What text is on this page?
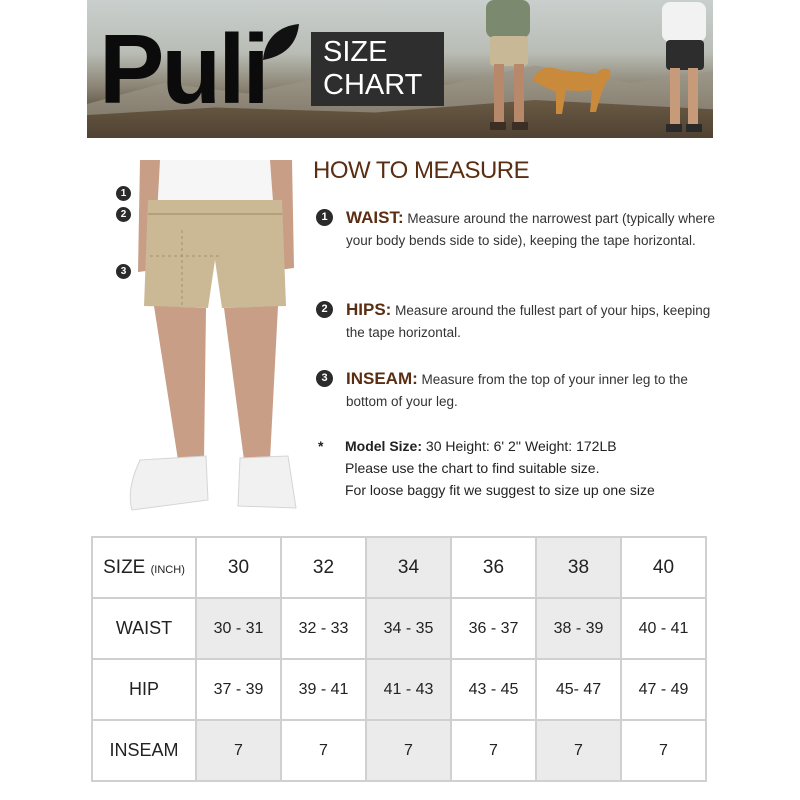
Puli SIZE
CHART
1
2
3
HOW TO MEASURE
1	WAIST: Measure around the narrowest part (typically where your body bends side to side), keeping the tape horizontal.
2	HIPS: Measure around the fullest part of your hips, keeping the tape horizontal.
3	INSEAM: Measure from the top of your inner leg to the bottom of your leg.
* Model Size: 30 Height: 6' 2'' Weight: 172LB
Please use the chart to find suitable size.
For loose baggy fit we suggest to size up one size
SIZE (INCH)	30	32	34	36	38	40
WAIST	30 - 31	32 - 33	34 - 35	36 - 37	38 - 39	40 - 41
HIP	37 - 39	39 - 41	41 - 43	43 - 45	45- 47	47 - 49
INSEAM	7	7	7	7	7	7
